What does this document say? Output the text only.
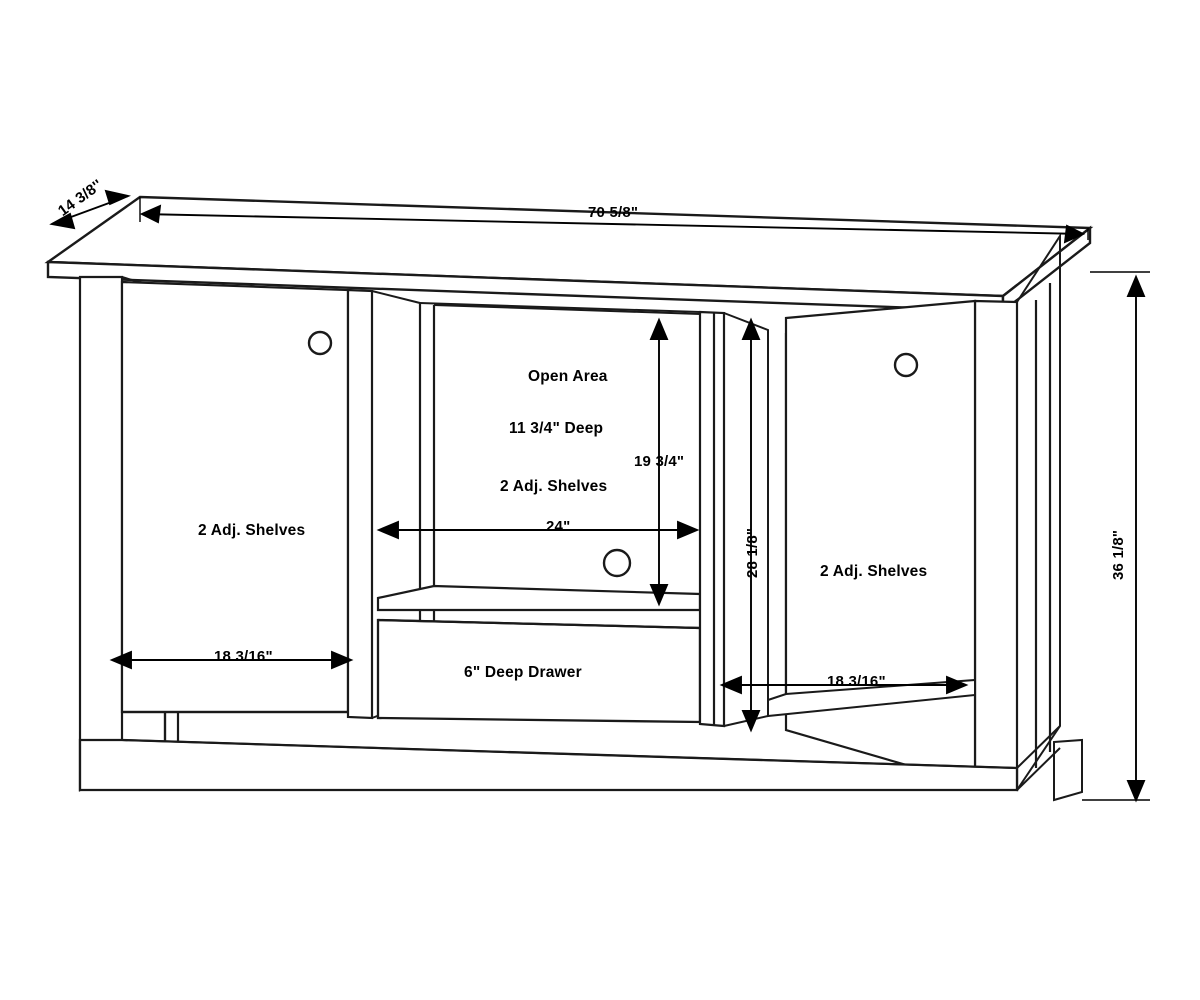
70 5/8"
14 3/8''
36 1/8"
19 3/4"
28 1/8"
24"
18 3/16"
18 3/16"
2 Adj. Shelves
Open Area
11 3/4" Deep
2 Adj. Shelves
2 Adj. Shelves
6" Deep Drawer
